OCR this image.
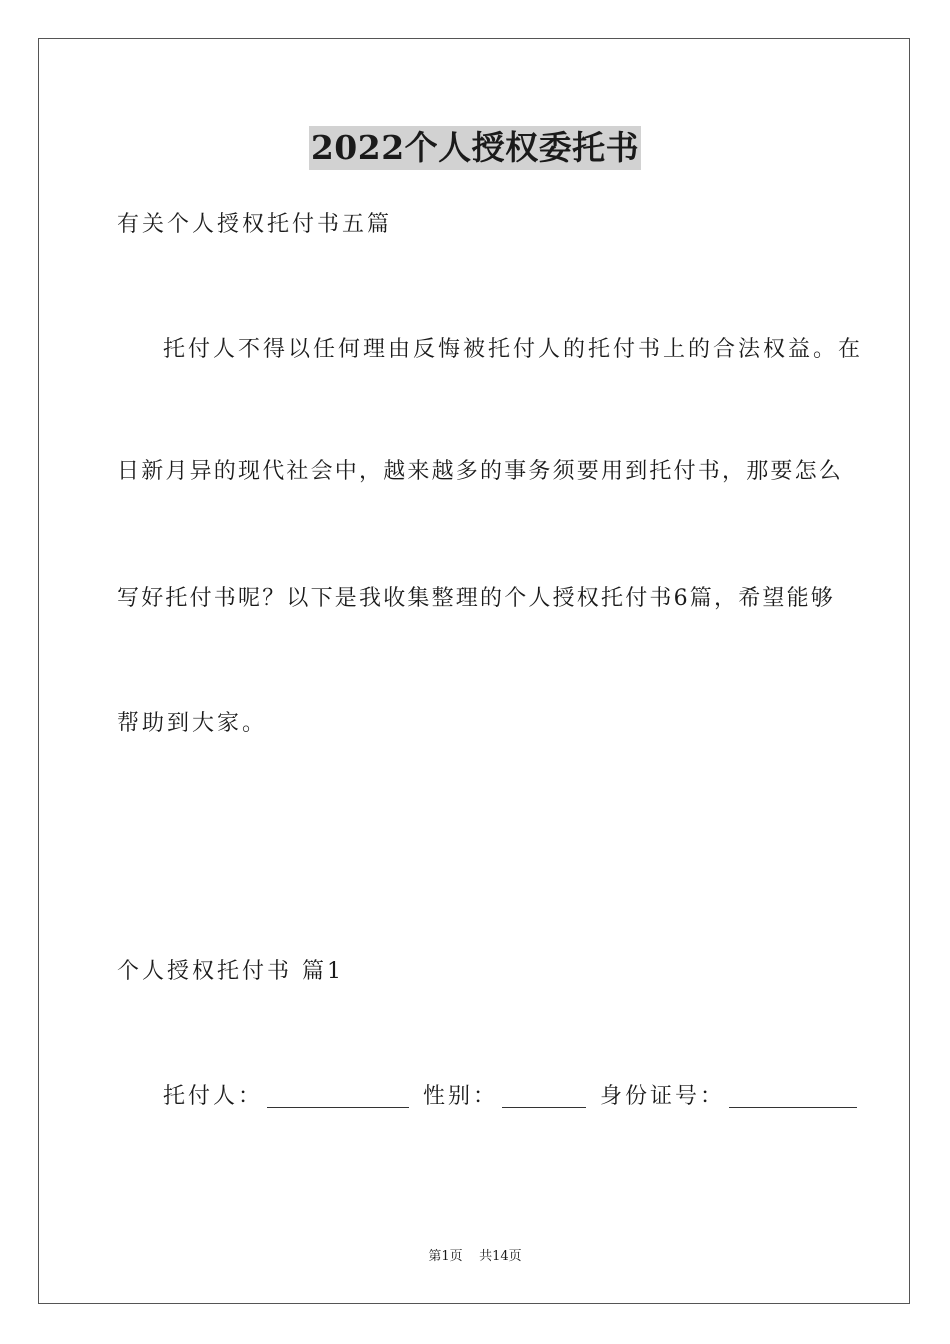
2022个人授权委托书
有关个人授权托付书五篇
托付人不得以任何理由反悔被托付人的托付书上的合法权益。在
日新月异的现代社会中，越来越多的事务须要用到托付书，那要怎么
写好托付书呢？以下是我收集整理的个人授权托付书6篇，希望能够
帮助到大家。
个人授权托付书 篇1
托付人：	性别：	身份证号：
第1页 共14页
